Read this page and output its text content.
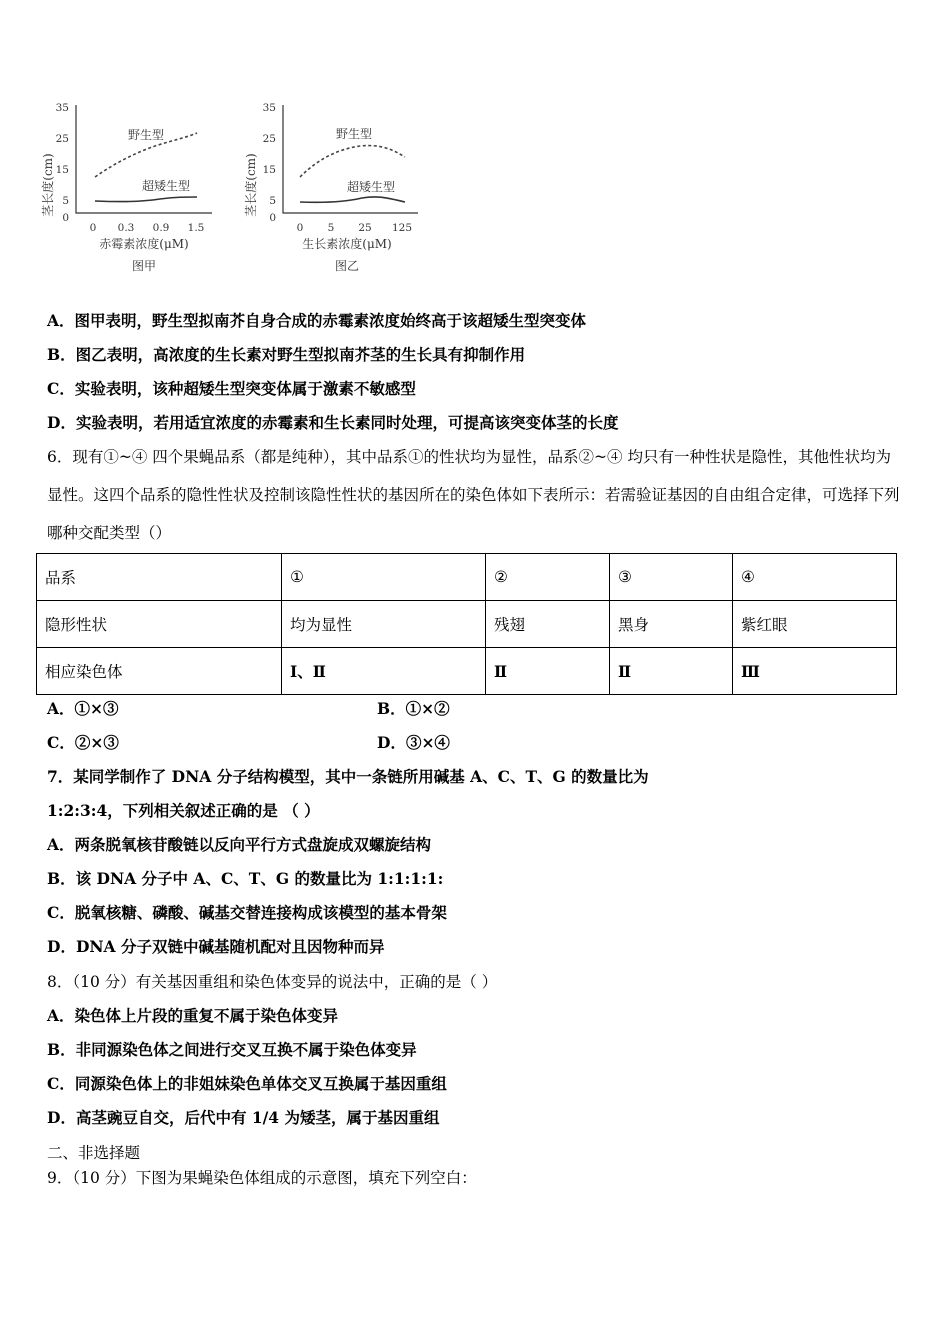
茎长度(cm)
35
25
15
5
0
野生型
超矮生型
0 0.3 0.9 1.5
赤霉素浓度(μM)
图甲
茎长度(cm)
35
25
15
5
0
野生型
超矮生型
0 5 25 125
生长素浓度(μM)
图乙
A．图甲表明，野生型拟南芥自身合成的赤霉素浓度始终高于该超矮生型突变体
B．图乙表明，高浓度的生长素对野生型拟南芥茎的生长具有抑制作用
C．实验表明，该种超矮生型突变体属于激素不敏感型
D．实验表明，若用适宜浓度的赤霉素和生长素同时处理，可提高该突变体茎的长度
6．现有①~④ 四个果蝇品系（都是纯种），其中品系①的性状均为显性，品系②~④ 均只有一种性状是隐性，其他性状均为显性。这四个品系的隐性性状及控制该隐性性状的基因所在的染色体如下表所示：若需验证基因的自由组合定律，可选择下列哪种交配类型（）
品系	①	②	③	④
隐形性状	均为显性	残翅	黑身	紫红眼
相应染色体	Ⅰ、Ⅱ	Ⅱ	Ⅱ	Ⅲ
A．①×③	B．①×②
C．②×③	D．③×④
7．某同学制作了 DNA 分子结构模型，其中一条链所用碱基 A、C、T、G 的数量比为
1:2:3:4，下列相关叙述正确的是 （ ）
A．两条脱氧核苷酸链以反向平行方式盘旋成双螺旋结构
B．该 DNA 分子中 A、C、T、G 的数量比为 1:1:1:1:
C．脱氧核糖、磷酸、碱基交替连接构成该模型的基本骨架
D．DNA 分子双链中碱基随机配对且因物种而异
8．（10 分）有关基因重组和染色体变异的说法中，正确的是（ ）
A．染色体上片段的重复不属于染色体变异
B．非同源染色体之间进行交叉互换不属于染色体变异
C．同源染色体上的非姐妹染色单体交叉互换属于基因重组
D．高茎豌豆自交，后代中有 1/4 为矮茎，属于基因重组
二、非选择题
9．（10 分）下图为果蝇染色体组成的示意图，填充下列空白：
